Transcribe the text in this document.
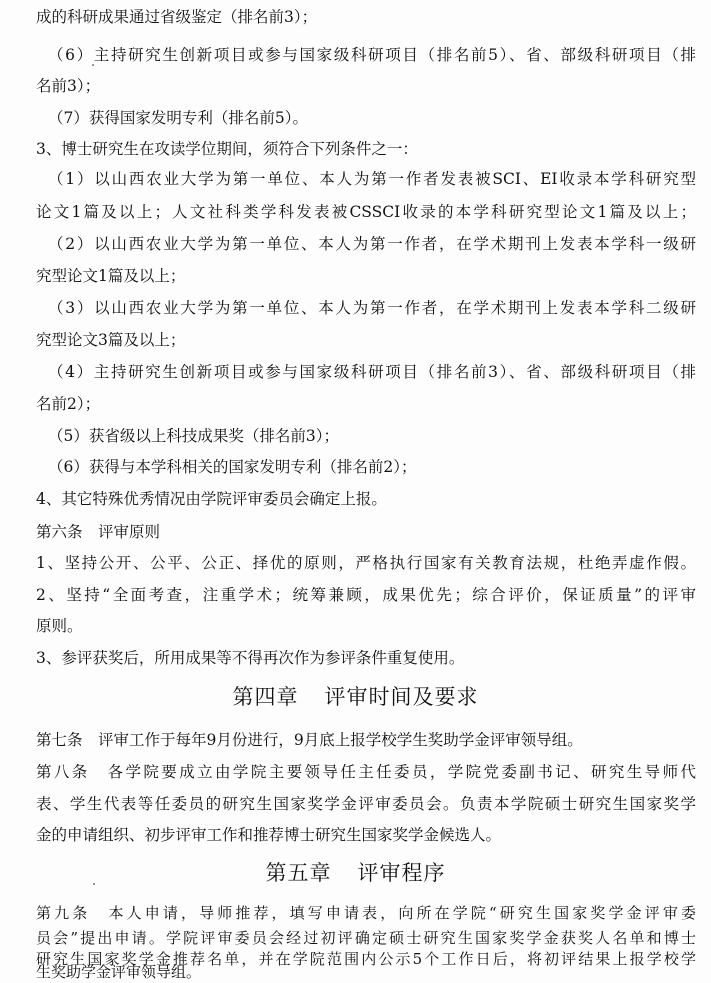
成的科研成果通过省级鉴定（排名前3）；
（6）主持研究生创新项目或参与国家级科研项目（排名前5）、省、部级科研项目（排
名前3）；
（7）获得国家发明专利（排名前5）。
3、博士研究生在攻读学位期间，须符合下列条件之一：
（1）以山西农业大学为第一单位、本人为第一作者发表被SCI、EI收录本学科研究型
论文1篇及以上；人文社科类学科发表被CSSCI收录的本学科研究型论文1篇及以上；
（2）以山西农业大学为第一单位、本人为第一作者，在学术期刊上发表本学科一级研
究型论文1篇及以上；
（3）以山西农业大学为第一单位、本人为第一作者，在学术期刊上发表本学科二级研
究型论文3篇及以上；
（4）主持研究生创新项目或参与国家级科研项目（排名前3）、省、部级科研项目（排
名前2）；
（5）获省级以上科技成果奖（排名前3）；
（6）获得与本学科相关的国家发明专利（排名前2）；
4、其它特殊优秀情况由学院评审委员会确定上报。
第六条　评审原则
1、坚持公开、公平、公正、择优的原则，严格执行国家有关教育法规，杜绝弄虚作假。
2、坚持“全面考查，注重学术；统筹兼顾，成果优先；综合评价，保证质量”的评审
原则。
3、参评获奖后，所用成果等不得再次作为参评条件重复使用。
第四章 评审时间及要求
第七条　评审工作于每年9月份进行，9月底上报学校学生奖助学金评审领导组。
第八条　各学院要成立由学院主要领导任主任委员，学院党委副书记、研究生导师代
表、学生代表等任委员的研究生国家奖学金评审委员会。负责本学院硕士研究生国家奖学
金的申请组织、初步评审工作和推荐博士研究生国家奖学金候选人。
第五章 评审程序
第九条　本人申请，导师推荐，填写申请表，向所在学院“研究生国家奖学金评审委
员会”提出申请。学院评审委员会经过初评确定硕士研究生国家奖学金获奖人名单和博士
研究生国家奖学金推荐名单，并在学院范围内公示5个工作日后，将初评结果上报学校学
生奖助学金评审领导组。
